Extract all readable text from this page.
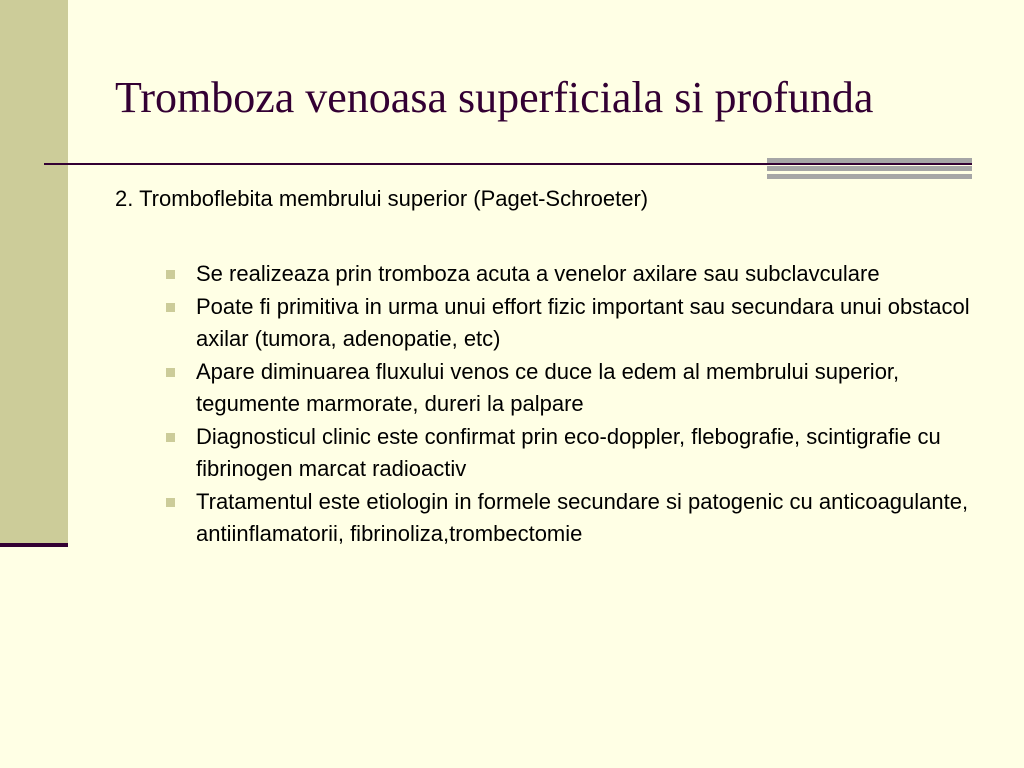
Tromboza venoasa superficiala si profunda

2. Tromboflebita membrului superior (Paget-Schroeter)

Se realizeaza prin tromboza acuta a venelor axilare sau subclavculare
Poate fi primitiva in urma unui effort fizic important sau secundara unui obstacol axilar (tumora, adenopatie, etc)
Apare diminuarea fluxului venos ce duce la edem al membrului superior, tegumente marmorate, dureri la palpare
Diagnosticul clinic este confirmat prin eco-doppler, flebografie, scintigrafie cu fibrinogen marcat radioactiv
Tratamentul este etiologin in formele secundare si patogenic cu anticoagulante, antiinflamatorii, fibrinoliza,trombectomie
